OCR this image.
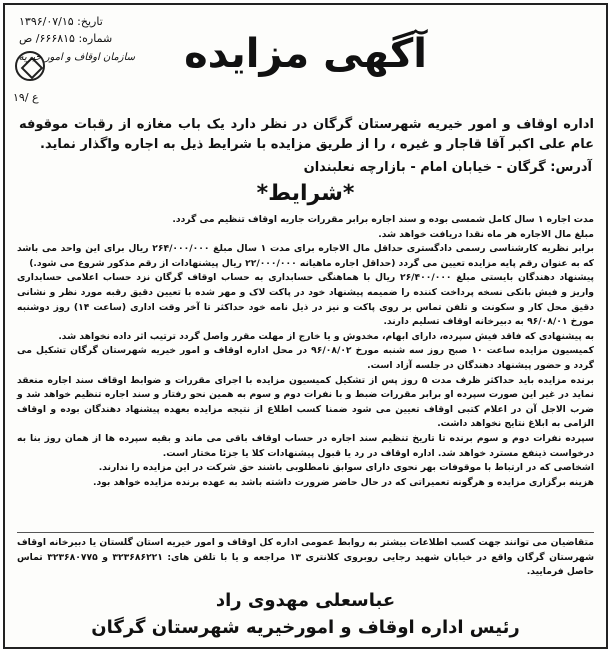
تاریخ: ۱۳۹۶/۰۷/۱۵
شماره: ۶۶۶۸۱۵/ ص
سازمان اوقاف و امور خیریه
۱۹/ ع
آگهی مزایده
اداره اوقاف و امور خیریه شهرستان گرگان در نظر دارد یک باب مغازه از رقبات موقوفه عام علی اکبر آقا قاجار و غیره ، را از طریق مزایده با شرایط ذیل به اجاره واگذار نماید.
آدرس: گرگان - خیابان امام - بازارچه نعلبندان
*شرایط*

مدت اجاره ۱ سال کامل شمسی بوده و سند اجاره برابر مقررات جاریه اوقاف تنظیم می گردد.

مبلغ مال الاجاره هر ماه نقدا دریافت خواهد شد.

برابر نظریه کارشناسی رسمی دادگستری حداقل مال الاجاره برای مدت ۱ سال مبلغ ۲۶۴/۰۰۰/۰۰۰ ریال برای این واحد می باشد که به عنوان رقم پایه مزایده تعیین می گردد (حداقل اجاره ماهیانه ۲۲/۰۰۰/۰۰۰ ریال پیشنهادات از رقم مذکور شروع می شود.)

پیشنهاد دهندگان بایستی مبلغ ۲۶/۴۰۰/۰۰۰ ریال با هماهنگی حسابداری به حساب اوقاف گرگان نزد حساب اعلامی حسابداری واریز و فیش بانکی نسخه پرداخت کننده را ضمیمه پیشنهاد خود در پاکت لاک و مهر شده با تعیین دقیق رقبه مورد نظر و نشانی دقیق محل کار و سکونت و تلفن تماس بر روی پاکت و نیز در ذیل نامه خود حداکثر تا آخر وقت اداری (ساعت ۱۴) روز دوشنبه مورخ ۹۶/۰۸/۰۱ به دبیرخانه اوقاف تسلیم دارند.

به پیشنهادی که فاقد فیش سپرده، دارای ابهام، مخدوش و یا خارج از مهلت مقرر واصل گردد ترتیب اثر داده نخواهد شد.

کمیسیون مزایده ساعت ۱۰ صبح روز سه شنبه مورخ ۹۶/۰۸/۰۲ در محل اداره اوقاف و امور خیریه شهرستان گرگان تشکیل می گردد و حضور پیشنهاد دهندگان در جلسه آزاد است.

برنده مزایده باید حداکثر ظرف مدت ۵ روز پس از تشکیل کمیسیون مزایده با اجرای مقررات و ضوابط اوقاف سند اجاره منعقد نماید در غیر این صورت سپرده او برابر مقررات ضبط و با نفرات دوم و سوم به همین نحو رفتار و سند اجاره تنظیم خواهد شد و ضرب الاجل آن در اعلام کتبی اوقاف تعیین می شود ضمنا کسب اطلاع از نتیجه مزایده بعهده پیشنهاد دهندگان بوده و اوقاف الزامی به ابلاغ نتایج نخواهد داشت.

سپرده نفرات دوم و سوم برنده تا تاریخ تنظیم سند اجاره در حساب اوقاف باقی می ماند و بقیه سپرده ها از همان روز بنا به درخواست ذینفع مسترد خواهد شد. اداره اوقاف در رد یا قبول پیشنهادات کلا یا جزئا مختار است.

اشخاصی که در ارتباط با موقوفات بهر نحوی دارای سوابق نامطلوبی باشند حق شرکت در این مزایده را ندارند.

هزینه برگزاری مزایده و هرگونه تعمیراتی که در حال حاضر ضرورت داشته باشد به عهده برنده مزایده خواهد بود.

متقاضیان می توانند جهت کسب اطلاعات بیشتر به روابط عمومی اداره کل اوقاف و امور خیریه استان گلستان یا دبیرخانه اوقاف شهرستان گرگان واقع در خیابان شهید رجایی روبروی کلانتری ۱۳ مراجعه و یا با تلفن های: ۳۲۳۶۸۶۲۲۱ و ۳۲۳۶۸۰۷۷۵ تماس حاصل فرمایید.
عباسعلی مهدوی راد
رئیس اداره اوقاف و امورخیریه شهرستان گرگان
